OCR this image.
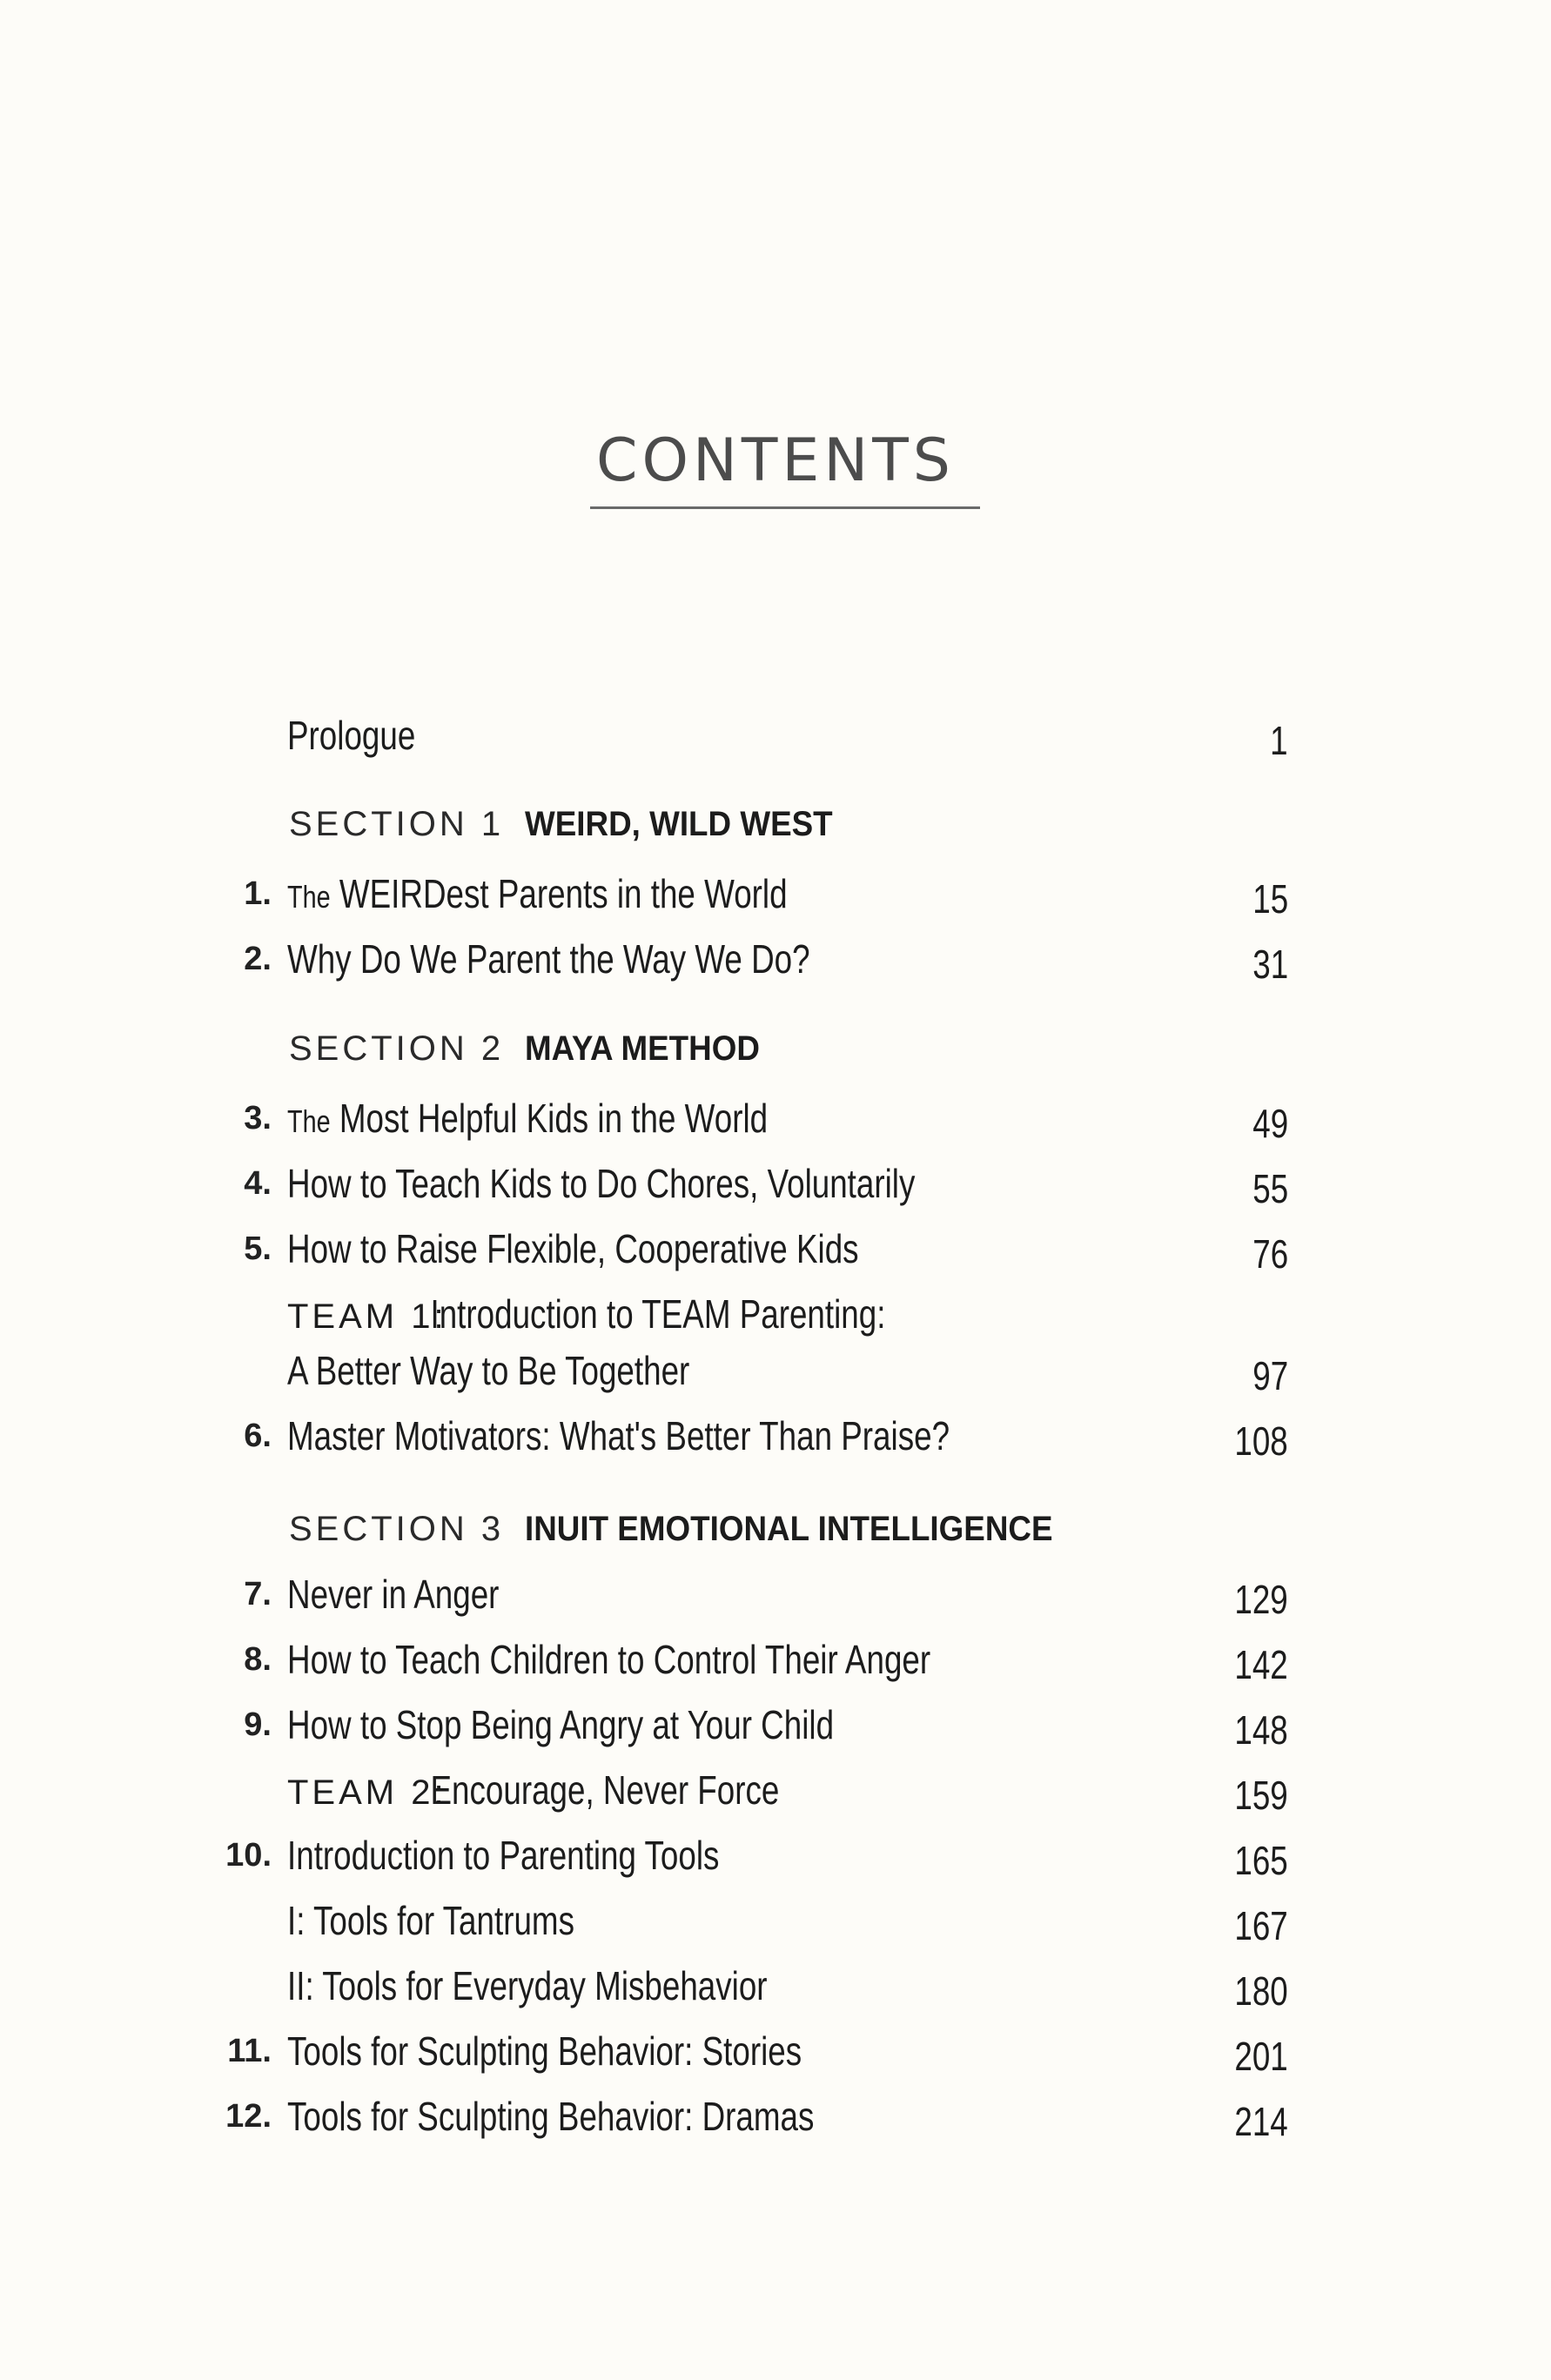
CONTENTS
Prologue	1
SECTION 1 WEIRD, WILD WEST
1. The WEIRDest Parents in the World	15
2. Why Do We Parent the Way We Do?	31
SECTION 2 MAYA METHOD
3. The Most Helpful Kids in the World	49
4. How to Teach Kids to Do Chores, Voluntarily	55
5. How to Raise Flexible, Cooperative Kids	76
TEAM 1:Introduction to TEAM Parenting:
A Better Way to Be Together	97
6. Master Motivators: What's Better Than Praise?	108
SECTION 3 INUIT EMOTIONAL INTELLIGENCE
7. Never in Anger	129
8. How to Teach Children to Control Their Anger	142
9. How to Stop Being Angry at Your Child	148
TEAM 2:Encourage, Never Force	159
10. Introduction to Parenting Tools	165
I: Tools for Tantrums	167
II: Tools for Everyday Misbehavior	180
11. Tools for Sculpting Behavior: Stories	201
12. Tools for Sculpting Behavior: Dramas	214
